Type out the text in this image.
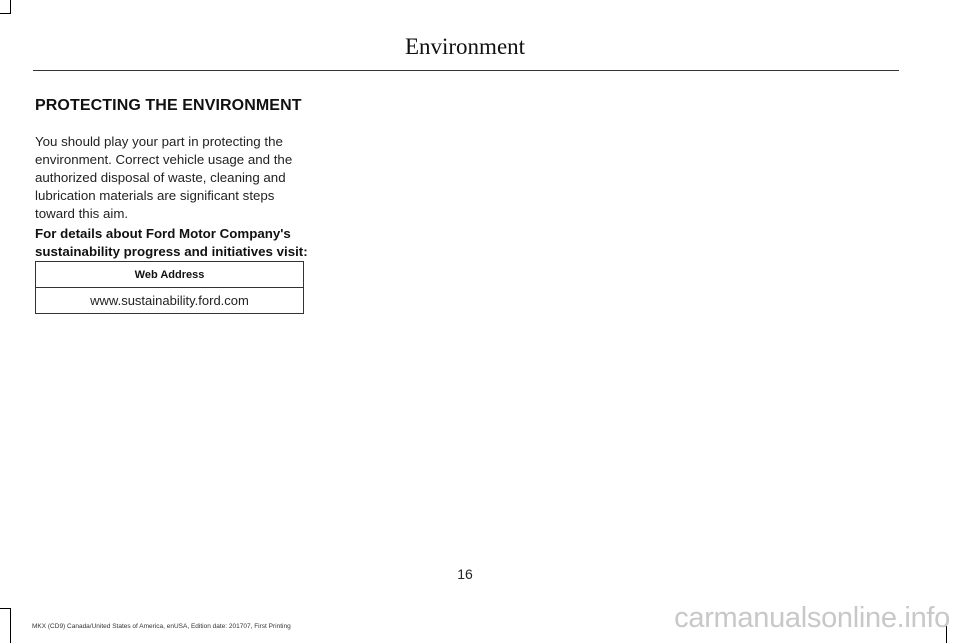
Environment
PROTECTING THE ENVIRONMENT

You should play your part in protecting the environment. Correct vehicle usage and the authorized disposal of waste, cleaning and lubrication materials are significant steps toward this aim.

For details about Ford Motor Company's sustainability progress and initiatives visit:

Web Address
www.sustainability.ford.com
16
MKX (CD9) Canada/United States of America, enUSA, Edition date: 201707, First Printing	carmanualsonline.info
